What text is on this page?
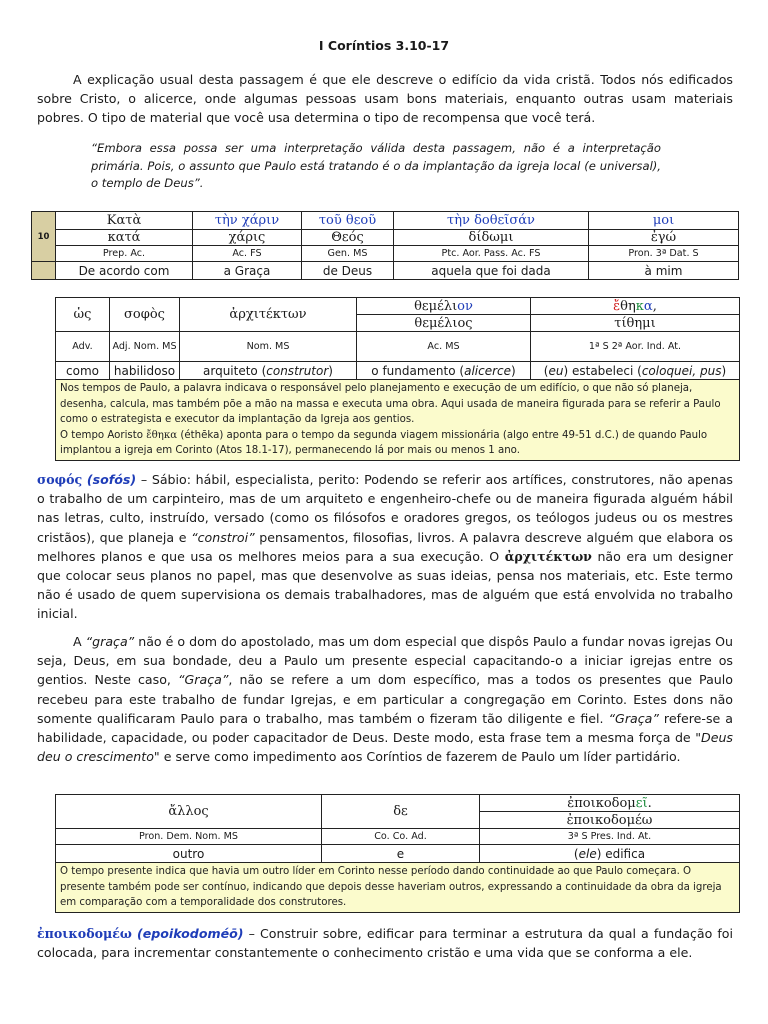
I Coríntios 3.10-17

A explicação usual desta passagem é que ele descreve o edifício da vida cristã. Todos nós edificados sobre Cristo, o alicerce, onde algumas pessoas usam bons materiais, enquanto outras usam materiais pobres. O tipo de material que você usa determina o tipo de recompensa que você terá.

“Embora essa possa ser uma interpretação válida desta passagem, não é a interpretação primária. Pois, o assunto que Paulo está tratando é o da implantação da igreja local (e universal), o templo de Deus”.

10	Κατὰ	τὴν χάριν	τοῦ θεοῦ	τὴν δοθεῖσάν	μοι
	κατά	χάρις	Θεός	δίδωμι	ἐγώ
	Prep. Ac.	Ac. FS	Gen. MS	Ptc. Aor. Pass. Ac. FS	Pron. 3ª Dat. S
	De acordo com	a Graça	de Deus	aquela que foi dada	à mim
ὡς	σοφὸς	ἀρχιτέκτων	θεμέλιον	ἔθηκα,
			θεμέλιος	τίθημι
Adv.	Adj. Nom. MS	Nom. MS	Ac. MS	1ª S 2ª Aor. Ind. At.
como	habilidoso	arquiteto (construtor)	o fundamento (alicerce)	(eu) estabeleci (coloquei, pus)

Nos tempos de Paulo, a palavra indicava o responsável pelo planejamento e execução de um edifício, o que não só planeja, desenha, calcula, mas também põe a mão na massa e executa uma obra. Aqui usada de maneira figurada para se referir a Paulo como o estrategista e executor da implantação da Igreja aos gentios.
O tempo Aoristo ἔθηκα (éthēka) aponta para o tempo da segunda viagem missionária (algo entre 49-51 d.C.) de quando Paulo implantou a igreja em Corinto (Atos 18.1-17), permanecendo lá por mais ou menos 1 ano.				

σοφός (sofós) – Sábio: hábil, especialista, perito: Podendo se referir aos artífices, construtores, não apenas o trabalho de um carpinteiro, mas de um arquiteto e engenheiro-chefe ou de maneira figurada alguém hábil nas letras, culto, instruído, versado (como os filósofos e oradores gregos, os teólogos judeus ou os mestres cristãos), que planeja e “constroi” pensamentos, filosofias, livros. A palavra descreve alguém que elabora os melhores planos e que usa os melhores meios para a sua execução. O ἀρχιτέκτων não era um designer que colocar seus planos no papel, mas que desenvolve as suas ideias, pensa nos materiais, etc. Este termo não é usado de quem supervisiona os demais trabalhadores, mas de alguém que está envolvida no trabalho inicial.

A “graça” não é o dom do apostolado, mas um dom especial que dispôs Paulo a fundar novas igrejas Ou seja, Deus, em sua bondade, deu a Paulo um presente especial capacitando-o a iniciar igrejas entre os gentios. Neste caso, “Graça”, não se refere a um dom específico, mas a todos os presentes que Paulo recebeu para este trabalho de fundar Igrejas, e em particular a congregação em Corinto. Estes dons não somente qualificaram Paulo para o trabalho, mas também o fizeram tão diligente e fiel. “Graça” refere-se a habilidade, capacidade, ou poder capacitador de Deus. Deste modo, esta frase tem a mesma força de "Deus deu o crescimento" e serve como impedimento aos Coríntios de fazerem de Paulo um líder partidário.

ἄλλος	δε	ἐποικοδομεῖ.
		ἐποικοδομέω
Pron. Dem. Nom. MS	Co. Co. Ad.	3ª S Pres. Ind. At.
outro	e	(ele) edifica
O tempo presente indica que havia um outro líder em Corinto nesse período dando continuidade ao que Paulo começara. O presente também pode ser contínuo, indicando que depois desse haveriam outros, expressando a continuidade da obra da igreja em comparação com a temporalidade dos construtores.		

ἐποικοδομέω (epoikodoméō) – Construir sobre, edificar para terminar a estrutura da qual a fundação foi colocada, para incrementar constantemente o conhecimento cristão e uma vida que se conforma a ele.
